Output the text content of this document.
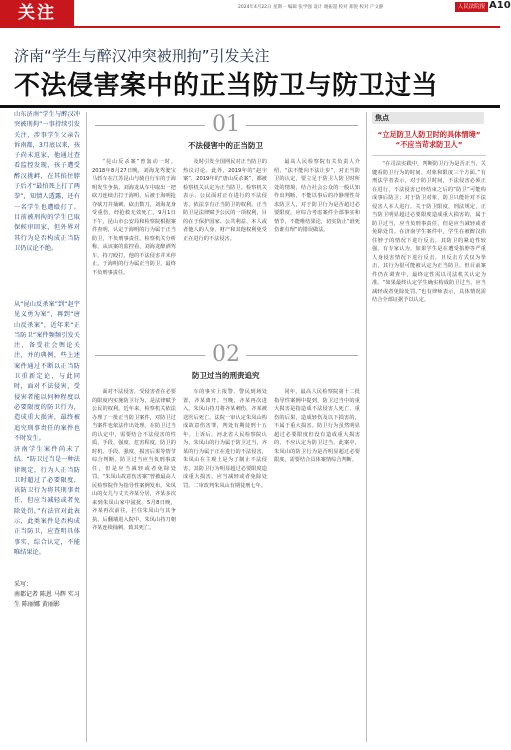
关注	2024年4月22日 星期一 编辑 张学强 设计 谢振超 校对 郑悦 校对 产文静	人民法院报 A10
济南“学生与醉汉冲突被刑拘”引发关注
不法侵害案中的正当防卫与防卫过当
山东济南“学生与醉汉冲突被刑拘”一事持续引发关注，涉事学生父亲告诉南都，3月底以来，孩子尚未返家，他通过查看监控发现，孩子遭受醉汉挑衅，在其掐住脖子后才“最怕死上打了两拳”，知情人透露，还有一名学生也遭殴打了。目前被刑拘的学生已取保候审回家，但外界对其行为是否构成正当防卫仍议论不绝。
从“昆山反杀案”到“赵宇见义勇为案”，再到“唐山反杀案”，近年来“正当防卫”案件频频引发关注，备受社会舆论关注，并的典例，些上述案件通过不断以正当防卫重新定论，与此同时，面对不法侵害，受侵害者能以何种程度以必要限度的防卫行为，造成重大损害，最终被追究刑事责任的案件也不时发生。
济南学生案件尚未了结。“防卫过当是一种法律规定，行为人正当防卫时超过了必要限度，该防卫行为将其刑事责任，但应当减轻或者免除处罚。”有法官对此表示，此类案件是否构成正当防卫，应查明具体事实，综合认定，不能唯结果论。
采写：
南都记者 陈恩 马辉 实习生 陈丽娜 黄丽影
01
不法侵害中的正当防卫

“昆山反杀案”曾轰动一时。2018年8月27日晚，刘海龙驾驶宝马轿车在江苏昆山与骑自行车的于海明发生争执。刘海龙从车中取出一把砍刀连续击打于海明，后被于海明抢夺砍刀并捅刺、砍击数刀，刘海龙身受重伤，经抢救无效死亡。9月1日下午，昆山市公安局和检察院根据案件查明，认定于海明的行为属于正当防卫，不负刑事责任。检察机关分析称，从该案的监控看，刘海龙醉酒驾车，持刀殴打，他的不法侵害并未停止，于海明的行为属正当防卫，最终不负刑事责任。

及时引发全国网民对正当防卫的热议讨论。此外，2019年的“赵宇案”，2019年的“唐山反杀案”，都被检察机关认定为正当防卫。检察机关表示，公民面对正在进行的不法侵害，依法享有正当防卫的权利。正当防卫是法律赋予公民的一项权利，目的在于保护国家、公共利益、本人或者他人的人身、财产和其他权利免受正在进行的不法侵害。

最高人民检察院有关负责人介绍，“法不能向不法让步”，对正当防卫的认定，要立足于防卫人防卫时所处的情境，结合社会公众的一般认知作出判断，不能以事后的冷静理性苛求防卫人，对于防卫行为是否超过必要限度，应综合考虑案件全部事实和情节，不能唯结果论，切实防止“谁死伤谁有理”的错误做法。

02
防卫过当的刑责追究

面对不法侵害，受侵害者在必要的限度内实施防卫行为，是法律赋予公民的权利。近年来，检察机关依法办理了一批正当防卫案件，对防卫过当案件也依法作出处理。在防卫过当的认定中，需要结合不法侵害的性质、手段、强度、危害程度，防卫的时机、手段、强度、损害后果等情节综合判断。防卫过当应当负刑事责任，但是应当减轻或者免除处罚。“朱凤山故意伤害案”曾被最高人民检察院作为指导性案例发布。朱凤山的女儿与丈夫齐某分居，齐某多次来到朱凤山家中滋扰。5月8日晚，齐某再次前往，拦住朱凤山与其争执，后翻墙进入院中，朱凤山持刀朝齐某连续捅刺，致其死亡。

车的事实上报警，警民到场处置，齐某离开。当晚，齐某再次进入，朱凤山持刀将齐某刺伤，齐某被送医后死亡。法院一审认定朱凤山构成故意伤害罪，判处有期徒刑十五年。上诉后，河北省人民检察院认为，朱凤山的行为属于防卫过当，齐某的行为属于正在进行的不法侵害，朱凤山在主观上是为了制止不法侵害，其防卫行为明显超过必要限度造成重大损害，应当减轻或者免除处罚。二审改判朱凤山有期徒刑七年。

同年，最高人民检察院第十二批指导性案例中提到，防卫过当中的重大损害是指造成不法侵害人死亡、重伤的后果，造成轻伤及以下损害的，不属于重大损害。防卫行为虽然明显超过必要限度但没有造成重大损害的，不应认定为防卫过当。此案中，朱凤山的防卫行为是否明显超过必要限度，需要结合具体案情综合判断。

焦点
“立足防卫人防卫时的具体情境”
“不应当苛求防卫人”

“在司法实践中，判断防卫行为是否正当，关键看防卫行为的时间、对象和限度三个方面。”有刑法学者表示，对于防卫时间，不法侵害必须正在进行，不法侵害已经结束之后的“防卫”可能构成事后防卫；对于防卫对象，防卫只能针对不法侵害人本人进行。关于防卫限度，刑法规定，正当防卫明显超过必要限度造成重大损害的，属于防卫过当，应当负刑事责任，但是应当减轻或者免除处罚。在济南学生案件中，学生在被醉汉掐住脖子的情况下进行反击，其防卫的紧迫性较强。有专家认为，如果学生是在遭受掐脖等严重人身侵害情况下进行反击，且反击方式仅为拳击，其行为很可能被认定为正当防卫。但目前案件仍在调查中，最终定性需以司法机关认定为准。“如果最终认定学生确实构成防卫过当，应当减轻或者免除处罚。”也有律师表示，具体情况需结合全部证据予以认定。
